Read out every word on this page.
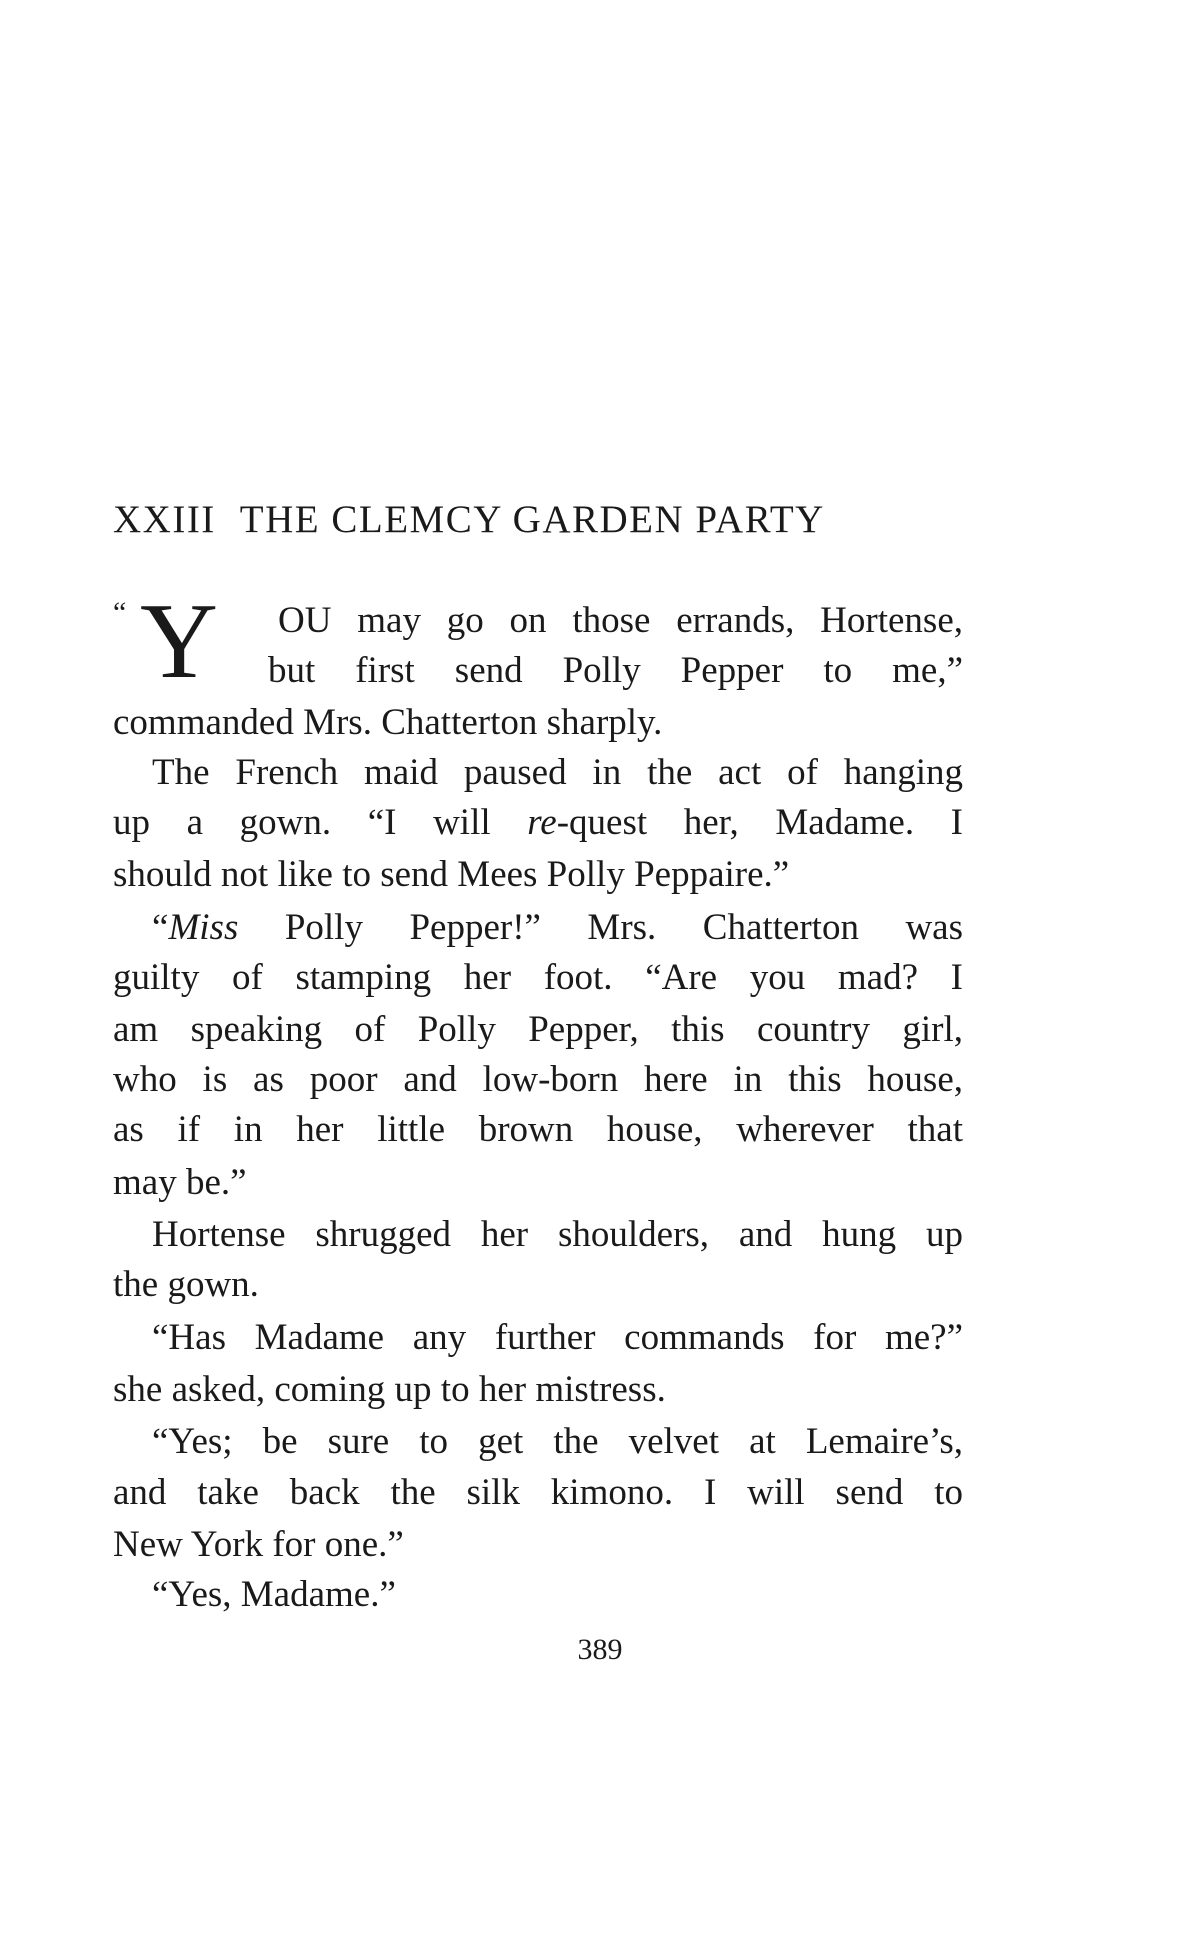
XXIII THE CLEMCY GARDEN PARTY
“ Y OU may go on those errands, Hortense,
but first send Polly Pepper to me,”
commanded Mrs. Chatterton sharply.
The French maid paused in the act of hanging
up a gown. “I will re-quest her, Madame. I
should not like to send Mees Polly Peppaire.”
“Miss Polly Pepper!” Mrs. Chatterton was
guilty of stamping her foot. “Are you mad? I
am speaking of Polly Pepper, this country girl,
who is as poor and low-born here in this house,
as if in her little brown house, wherever that
may be.”
Hortense shrugged her shoulders, and hung up
the gown.
“Has Madame any further commands for me?”
she asked, coming up to her mistress.
“Yes; be sure to get the velvet at Lemaire’s,
and take back the silk kimono. I will send to
New York for one.”
“Yes, Madame.”
389
